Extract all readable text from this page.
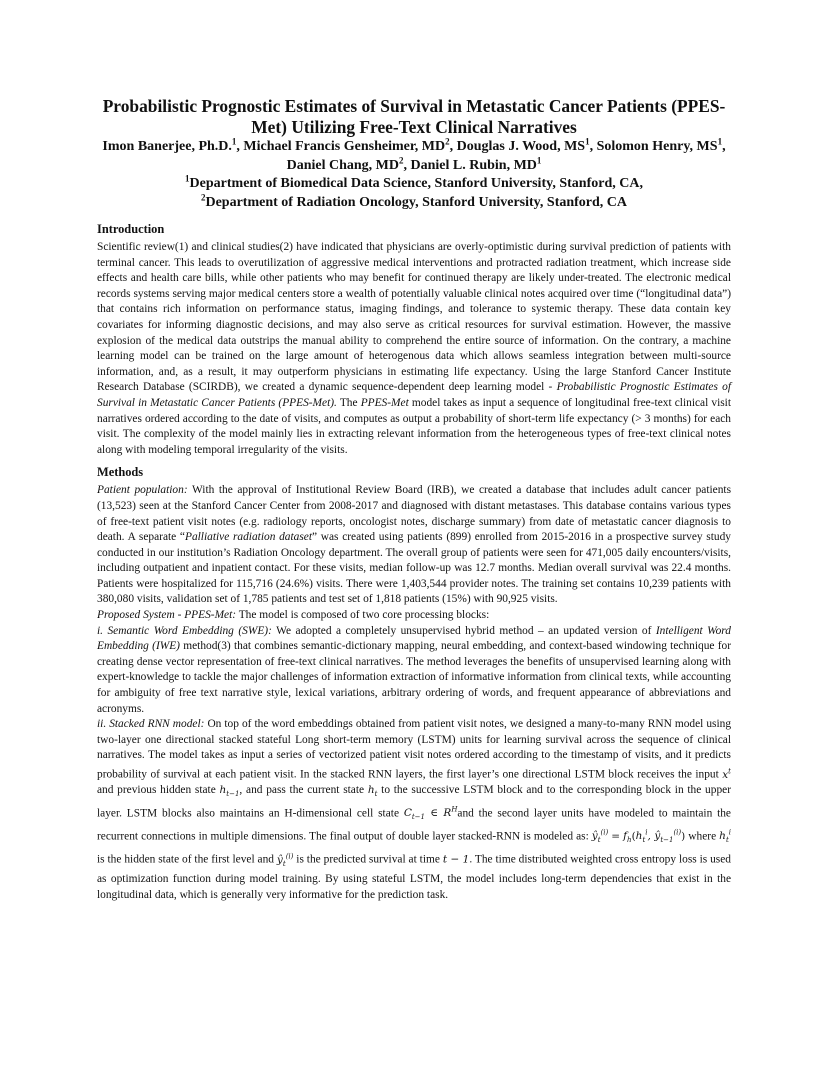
Probabilistic Prognostic Estimates of Survival in Metastatic Cancer Patients (PPES-Met) Utilizing Free-Text Clinical Narratives

Imon Banerjee, Ph.D.$^1$, Michael Francis Gensheimer, $MD^2$, Douglas J. Wood, $MS^1$, Solomon Henry, $MS^1$, Daniel Chang, $MD^2$, Daniel L. Rubin, $MD^1$

$^1$Department of Biomedical Data Science, Stanford University, Stanford, CA,

$^2$Department of Radiation Oncology, Stanford University, Stanford, CA

Introduction

Scientific review(1) and clinical studies(2) have indicated that physicians are overly-optimistic during survival prediction of patients with terminal cancer. This leads to overutilization of aggressive medical interventions and protracted radiation treatment, which increase side effects and health care bills, while other patients who may benefit for continued therapy are likely under-treated. The electronic medical records systems serving major medical centers store a wealth of potentially valuable clinical notes acquired over time (“longitudinal data”) that contains rich information on performance status, imaging findings, and tolerance to systemic therapy. These data contain key covariates for informing diagnostic decisions, and may also serve as critical resources for survival estimation. However, the massive explosion of the medical data outstrips the manual ability to comprehend the entire source of information. On the contrary, a machine learning model can be trained on the large amount of heterogenous data which allows seamless integration between multi-source information, and, as a result, it may outperform physicians in estimating life expectancy. Using the large Stanford Cancer Institute Research Database (SCIRDB), we created a dynamic sequence-dependent deep learning model - Probabilistic Prognostic Estimates of Survival in Metastatic Cancer Patients (PPES-Met). The PPES-Met model takes as input a sequence of longitudinal free-text clinical visit narratives ordered according to the date of visits, and computes as output a probability of short-term life expectancy (> 3 months) for each visit. The complexity of the model mainly lies in extracting relevant information from the heterogeneous types of free-text clinical notes along with modeling temporal irregularity of the visits.

Methods

Patient population: With the approval of Institutional Review Board (IRB), we created a database that includes adult cancer patients (13,523) seen at the Stanford Cancer Center from 2008-2017 and diagnosed with distant metastases. This database contains various types of free-text patient visit notes (e.g. radiology reports, oncologist notes, discharge summary) from date of metastatic cancer diagnosis to death. A separate “Palliative radiation dataset” was created using patients (899) enrolled from 2015-2016 in a prospective survey study conducted in our institution’s Radiation Oncology department. The overall group of patients were seen for 471,005 daily encounters/visits, including outpatient and inpatient contact. For these visits, median follow-up was 12.7 months. Median overall survival was 22.4 months. Patients were hospitalized for 115,716 (24.6%) visits. There were 1,403,544 provider notes. The training set contains 10,239 patients with 380,080 visits, validation set of 1,785 patients and test set of 1,818 patients (15%) with 90,925 visits.

Proposed System - PPES-Met: The model is composed of two core processing blocks:

i. Semantic Word Embedding (SWE): We adopted a completely unsupervised hybrid method – an updated version of Intelligent Word Embedding (IWE) method(3) that combines semantic-dictionary mapping, neural embedding, and context-based windowing technique for creating dense vector representation of free-text clinical narratives. The method leverages the benefits of unsupervised learning along with expert-knowledge to tackle the major challenges of information extraction of informative information from clinical texts, while accounting for ambiguity of free text narrative style, lexical variations, arbitrary ordering of words, and frequent appearance of abbreviations and acronyms.

ii. Stacked RNN model: On top of the word embeddings obtained from patient visit notes, we designed a many-to-many RNN model using two-layer one directional stacked stateful Long short-term memory (LSTM) units for learning survival across the sequence of clinical narratives. The model takes as input a series of vectorized patient visit notes ordered according to the timestamp of visits, and it predicts probability of survival at each patient visit. In the stacked RNN layers, the first layer’s one directional LSTM block receives the input $x^t$ and previous hidden state $h_{t-1}$, and pass the current state $h_t$ to the successive LSTM block and to the corresponding block in the upper layer. LSTM blocks also maintains an H-dimensional cell state $C_{t-1}$ ∈ $R^Hand$ the second layer units have modeled to maintain the recurrent connections in multiple dimensions. The final output of double layer stacked-RNN is modeled as: $ŷ_t^{(i)} = f_h(h_t^i$, $ŷ_{t-1}^{(i)}$) where $h_t^i$ is the hidden state of the first level and $ŷ_t^{(i)}$ is the predicted survival at time t − 1. The time distributed weighted cross entropy loss is used as optimization function during model training. By using stateful LSTM, the model includes long-term dependencies that exist in the longitudinal data, which is generally very informative for the prediction task.
